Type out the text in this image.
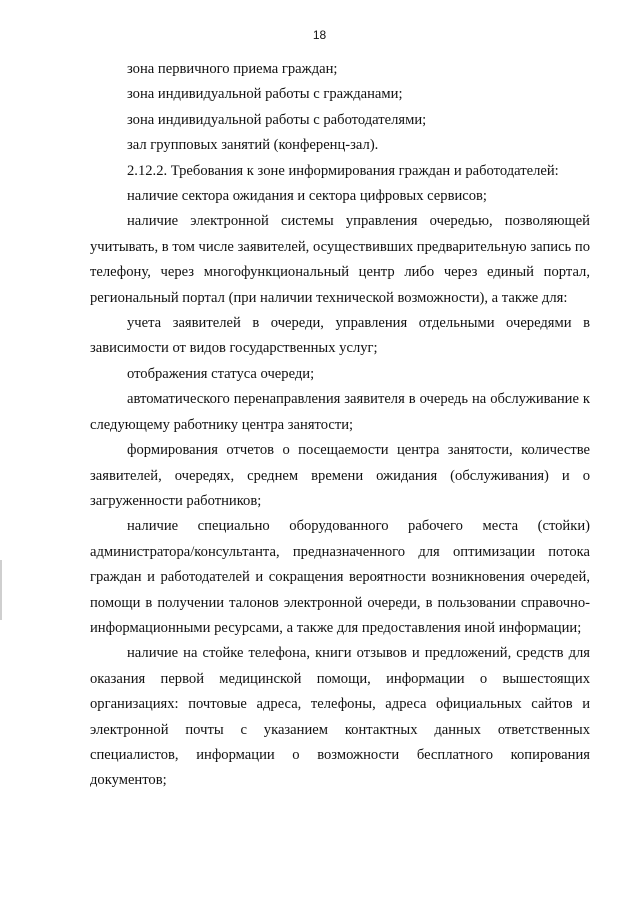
18

зона первичного приема граждан;

зона индивидуальной работы с гражданами;

зона индивидуальной работы с работодателями;

зал групповых занятий (конференц-зал).

2.12.2. Требования к зоне информирования граждан и работодателей:

наличие сектора ожидания и сектора цифровых сервисов;

наличие электронной системы управления очередью, позволяющей учитывать, в том числе заявителей, осуществивших предварительную запись по телефону, через многофункциональный центр либо через единый портал, региональный портал (при наличии технической возможности), а также для:

учета заявителей в очереди, управления отдельными очередями в зависимости от видов государственных услуг;

отображения статуса очереди;

автоматического перенаправления заявителя в очередь на обслуживание к следующему работнику центра занятости;

формирования отчетов о посещаемости центра занятости, количестве заявителей, очередях, среднем времени ожидания (обслуживания) и о загруженности работников;

наличие специально оборудованного рабочего места (стойки) администратора/консультанта, предназначенного для оптимизации потока граждан и работодателей и сокращения вероятности возникновения очередей, помощи в получении талонов электронной очереди, в пользовании справочно-информационными ресурсами, а также для предоставления иной информации;

наличие на стойке телефона, книги отзывов и предложений, средств для оказания первой медицинской помощи, информации о вышестоящих организациях: почтовые адреса, телефоны, адреса официальных сайтов и электронной почты с указанием контактных данных ответственных специалистов, информации о возможности бесплатного копирования документов;
